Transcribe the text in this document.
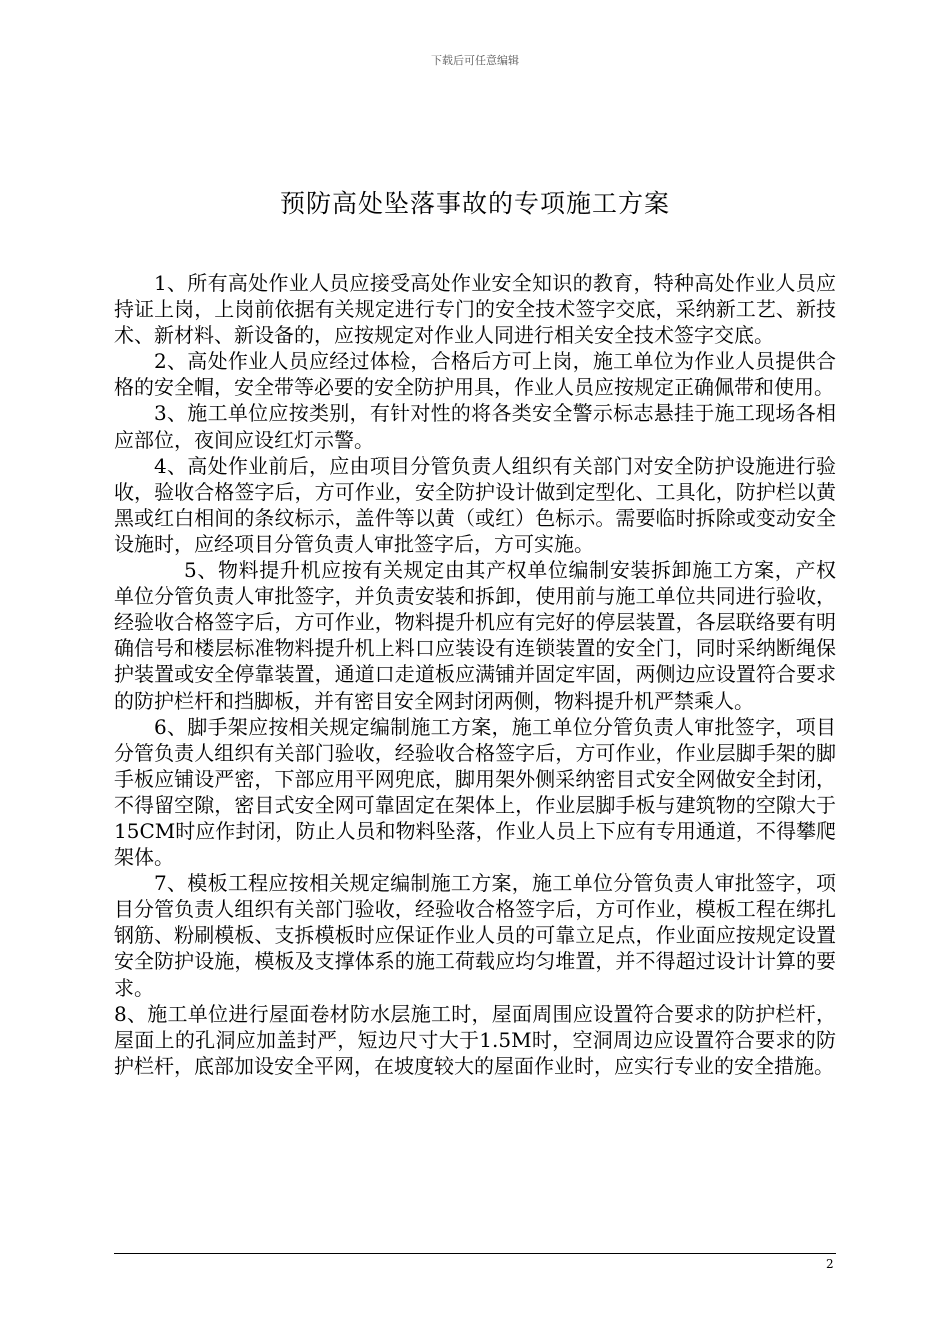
下载后可任意编辑
预防高处坠落事故的专项施工方案

1、所有高处作业人员应接受高处作业安全知识的教育，特种高处作业人员应持证上岗，上岗前依据有关规定进行专门的安全技术签字交底，采纳新工艺、新技术、新材料、新设备的，应按规定对作业人同进行相关安全技术签字交底。

2、高处作业人员应经过体检，合格后方可上岗，施工单位为作业人员提供合格的安全帽，安全带等必要的安全防护用具，作业人员应按规定正确佩带和使用。

3、施工单位应按类别，有针对性的将各类安全警示标志悬挂于施工现场各相应部位，夜间应设红灯示警。

4、高处作业前后，应由项目分管负责人组织有关部门对安全防护设施进行验收，验收合格签字后，方可作业，安全防护设计做到定型化、工具化，防护栏以黄黑或红白相间的条纹标示，盖件等以黄（或红）色标示。需要临时拆除或变动安全设施时，应经项目分管负责人审批签字后，方可实施。

5、物料提升机应按有关规定由其产权单位编制安装拆卸施工方案，产权单位分管负责人审批签字，并负责安装和拆卸，使用前与施工单位共同进行验收，经验收合格签字后，方可作业，物料提升机应有完好的停层装置，各层联络要有明确信号和楼层标准物料提升机上料口应装设有连锁装置的安全门，同时采纳断绳保护装置或安全停靠装置，通道口走道板应满铺并固定牢固，两侧边应设置符合要求的防护栏杆和挡脚板，并有密目安全网封闭两侧，物料提升机严禁乘人。

6、脚手架应按相关规定编制施工方案，施工单位分管负责人审批签字，项目分管负责人组织有关部门验收，经验收合格签字后，方可作业，作业层脚手架的脚手板应铺设严密，下部应用平网兜底，脚用架外侧采纳密目式安全网做安全封闭，不得留空隙，密目式安全网可靠固定在架体上，作业层脚手板与建筑物的空隙大于15CM时应作封闭，防止人员和物料坠落，作业人员上下应有专用通道，不得攀爬架体。

7、模板工程应按相关规定编制施工方案，施工单位分管负责人审批签字，项目分管负责人组织有关部门验收，经验收合格签字后，方可作业，模板工程在绑扎钢筋、粉刷模板、支拆模板时应保证作业人员的可靠立足点，作业面应按规定设置安全防护设施，模板及支撑体系的施工荷载应均匀堆置，并不得超过设计计算的要求。

8、施工单位进行屋面卷材防水层施工时，屋面周围应设置符合要求的防护栏杆，屋面上的孔洞应加盖封严，短边尺寸大于1.5M时，空洞周边应设置符合要求的防护栏杆，底部加设安全平网，在坡度较大的屋面作业时，应实行专业的安全措施。

2
